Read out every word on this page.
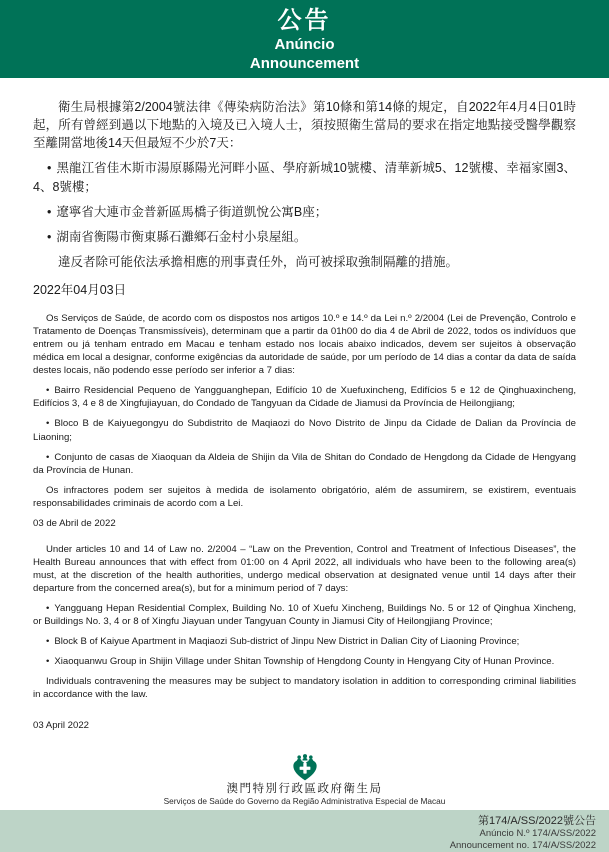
公告
Anúncio
Announcement

衛生局根據第2/2004號法律《傳染病防治法》第10條和第14條的規定，自2022年4月4日01時起，所有曾經到過以下地點的入境及已入境人士，須按照衛生當局的要求在指定地點接受醫學觀察至離開當地後14天但最短不少於7天：

• 黑龍江省佳木斯市湯原縣陽光河畔小區、學府新城10號樓、清華新城5、12號樓、幸福家園3、4、8號樓；

• 遼寧省大連市金普新區馬橋子街道凱悅公寓B座；

• 湖南省衡陽市衡東縣石灘鄉石金村小泉屋組。

違反者除可能依法承擔相應的刑事責任外，尚可被採取強制隔離的措施。

2022年04月03日

Os Serviços de Saúde, de acordo com os dispostos nos artigos 10.º e 14.º da Lei n.º 2/2004 (Lei de Prevenção, Controlo e Tratamento de Doenças Transmissíveis), determinam que a partir da 01h00 do dia 4 de Abril de 2022, todos os indivíduos que entrem ou já tenham entrado em Macau e tenham estado nos locais abaixo indicados, devem ser sujeitos à observação médica em local a designar, conforme exigências da autoridade de saúde, por um período de 14 dias a contar da data de saída destes locais, não podendo esse período ser inferior a 7 dias:

• Bairro Residencial Pequeno de Yangguanghepan, Edifício 10 de Xuefuxincheng, Edifícios 5 e 12 de Qinghuaxincheng, Edifícios 3, 4 e 8 de Xingfujiayuan, do Condado de Tangyuan da Cidade de Jiamusi da Província de Heilongjiang;

• Bloco B de Kaiyuegongyu do Subdistrito de Maqiaozi do Novo Distrito de Jinpu da Cidade de Dalian da Província de Liaoning;

• Conjunto de casas de Xiaoquan da Aldeia de Shijin da Vila de Shitan do Condado de Hengdong da Cidade de Hengyang da Província de Hunan.

Os infractores podem ser sujeitos à medida de isolamento obrigatório, além de assumirem, se existirem, eventuais responsabilidades criminais de acordo com a Lei.

03 de Abril de 2022

Under articles 10 and 14 of Law no. 2/2004 – “Law on the Prevention, Control and Treatment of Infectious Diseases”, the Health Bureau announces that with effect from 01:00 on 4 April 2022, all individuals who have been to the following area(s) must, at the discretion of the health authorities, undergo medical observation at designated venue until 14 days after their departure from the concerned area(s), but for a minimum period of 7 days:

• Yangguang Hepan Residential Complex, Building No. 10 of Xuefu Xincheng, Buildings No. 5 or 12 of Qinghua Xincheng, or Buildings No. 3, 4 or 8 of Xingfu Jiayuan under Tangyuan County in Jiamusi City of Heilongjiang Province;

• Block B of Kaiyue Apartment in Maqiaozi Sub-district of Jinpu New District in Dalian City of Liaoning Province;

• Xiaoquanwu Group in Shijin Village under Shitan Township of Hengdong County in Hengyang City of Hunan Province.

Individuals contravening the measures may be subject to mandatory isolation in addition to corresponding criminal liabilities in accordance with the law.

03 April 2022

澳門特別行政區政府衛生局
Serviços de Saúde do Governo da Região Administrativa Especial de Macau
第174/A/SS/2022號公告
Anúncio N.º 174/A/SS/2022
Announcement no. 174/A/SS/2022
